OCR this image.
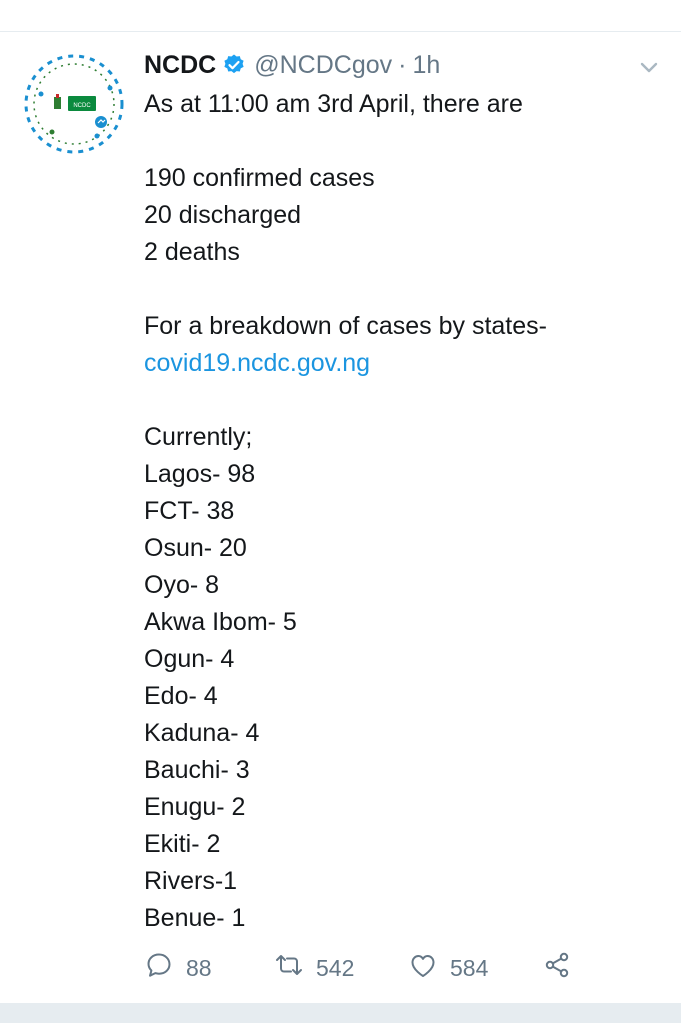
NCDC
NCDC @NCDCgov · 1h
As at 11:00 am 3rd April, there are
190 confirmed cases
20 discharged
2 deaths
For a breakdown of cases by states-
covid19.ncdc.gov.ng
Currently;
Lagos- 98
FCT- 38
Osun- 20
Oyo- 8
Akwa Ibom- 5
Ogun- 4
Edo- 4
Kaduna- 4
Bauchi- 3
Enugu- 2
Ekiti- 2
Rivers-1
Benue- 1
88	542	584
